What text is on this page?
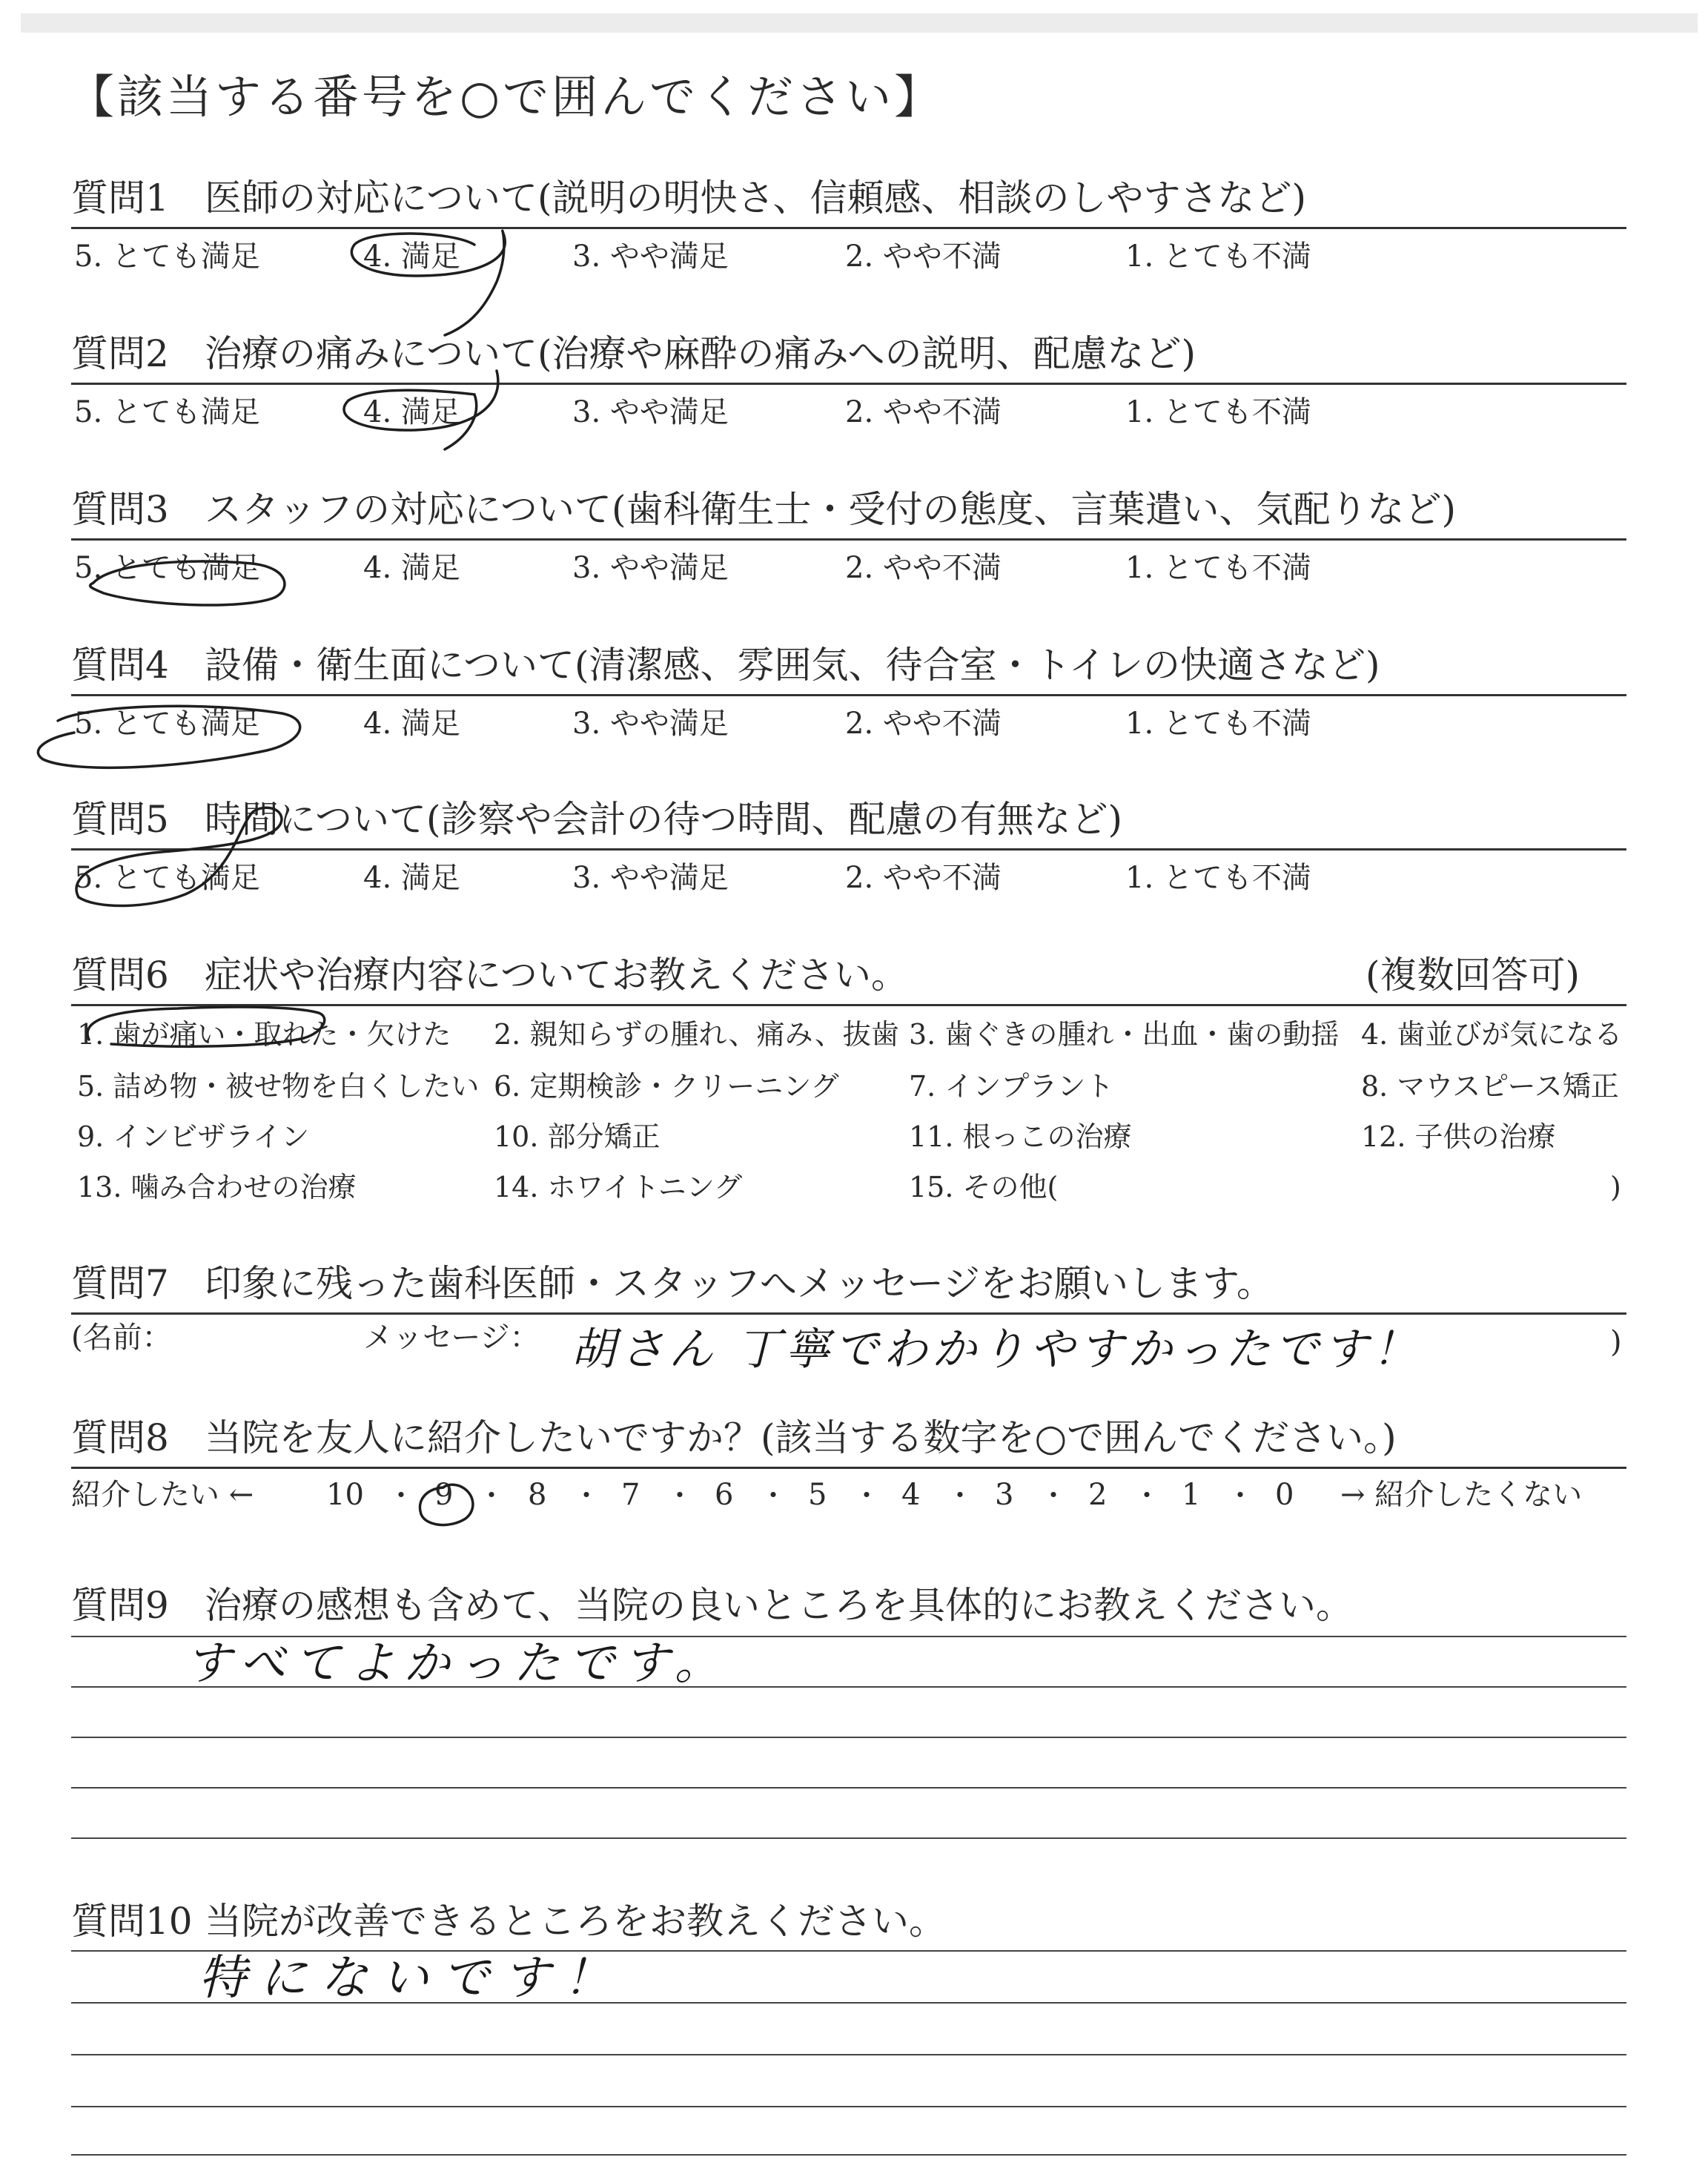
【該当する番号を○で囲んでください】
質問1 医師の対応について(説明の明快さ、信頼感、相談のしやすさなど)
5. とても満足	4. 満足	3. やや満足	2. やや不満	1. とても不満
質問2 治療の痛みについて(治療や麻酔の痛みへの説明、配慮など)
5. とても満足	4. 満足	3. やや満足	2. やや不満	1. とても不満
質問3 スタッフの対応について(歯科衛生士・受付の態度、言葉遣い、気配りなど)
5. とても満足	4. 満足	3. やや満足	2. やや不満	1. とても不満
質問4 設備・衛生面について(清潔感、雰囲気、待合室・トイレの快適さなど)
5. とても満足	4. 満足	3. やや満足	2. やや不満	1. とても不満
質問5 時間について(診察や会計の待つ時間、配慮の有無など)
5. とても満足	4. 満足	3. やや満足	2. やや不満	1. とても不満
質問6 症状や治療内容についてお教えください。	(複数回答可)
1. 歯が痛い・取れた・欠けた 2. 親知らずの腫れ、痛み、抜歯 3. 歯ぐきの腫れ・出血・歯の動揺 4. 歯並びが気になる
5. 詰め物・被せ物を白くしたい 6. 定期検診・クリーニング 7. インプラント	8. マウスピース矯正
9. インビザライン	10. 部分矯正	11. 根っこの治療	12. 子供の治療
13. 噛み合わせの治療	14. ホワイトニング	15. その他(	)
質問7 印象に残った歯科医師・スタッフへメッセージをお願いします。
(名前：	メッセージ：	)
胡さん 丁寧でわかりやすかったです！
質問8 当院を友人に紹介したいですか？(該当する数字を○で囲んでください。)
紹介したい ←	→ 紹介したくない
10 ・ 9 ・ 8 ・ 7 ・ 6 ・ 5 ・ 4 ・ 3 ・ 2 ・ 1 ・ 0
質問9 治療の感想も含めて、当院の良いところを具体的にお教えください。
すべてよかったです。
質問10 当院が改善できるところをお教えください。
特にないです！
